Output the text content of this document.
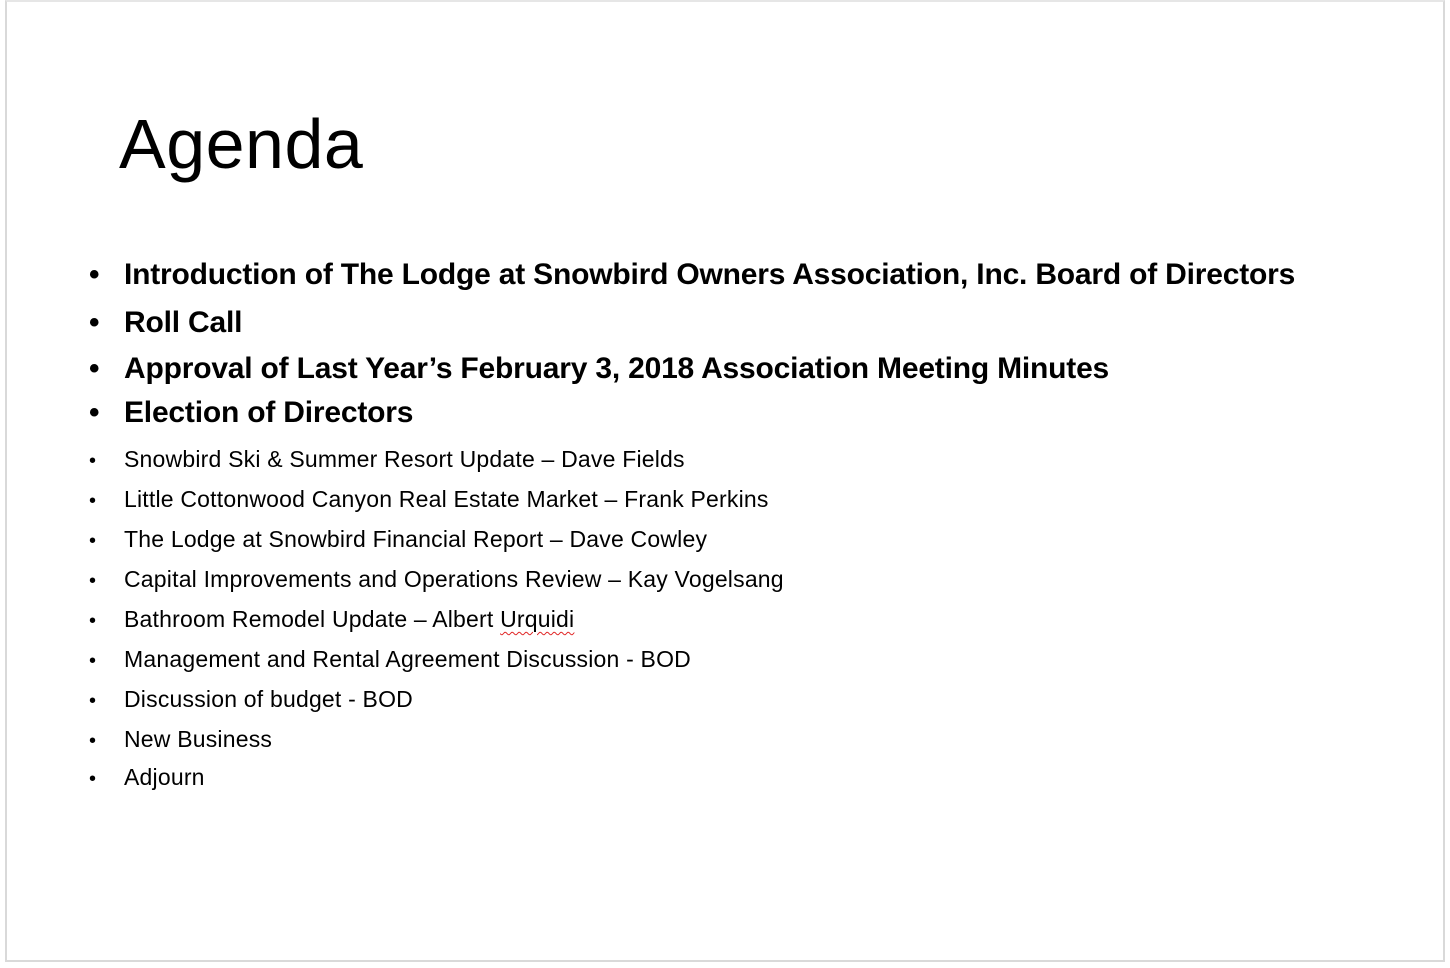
Agenda
• Introduction of The Lodge at Snowbird Owners Association, Inc. Board of Directors
• Roll Call
• Approval of Last Year’s February 3, 2018 Association Meeting Minutes
• Election of Directors
•	Snowbird Ski & Summer Resort Update – Dave Fields
•	Little Cottonwood Canyon Real Estate Market – Frank Perkins
•	The Lodge at Snowbird Financial Report – Dave Cowley
•	Capital Improvements and Operations Review – Kay Vogelsang
•	Bathroom Remodel Update – Albert Urquidi
•	Management and Rental Agreement Discussion - BOD
•	Discussion of budget - BOD
•	New Business
•	Adjourn
